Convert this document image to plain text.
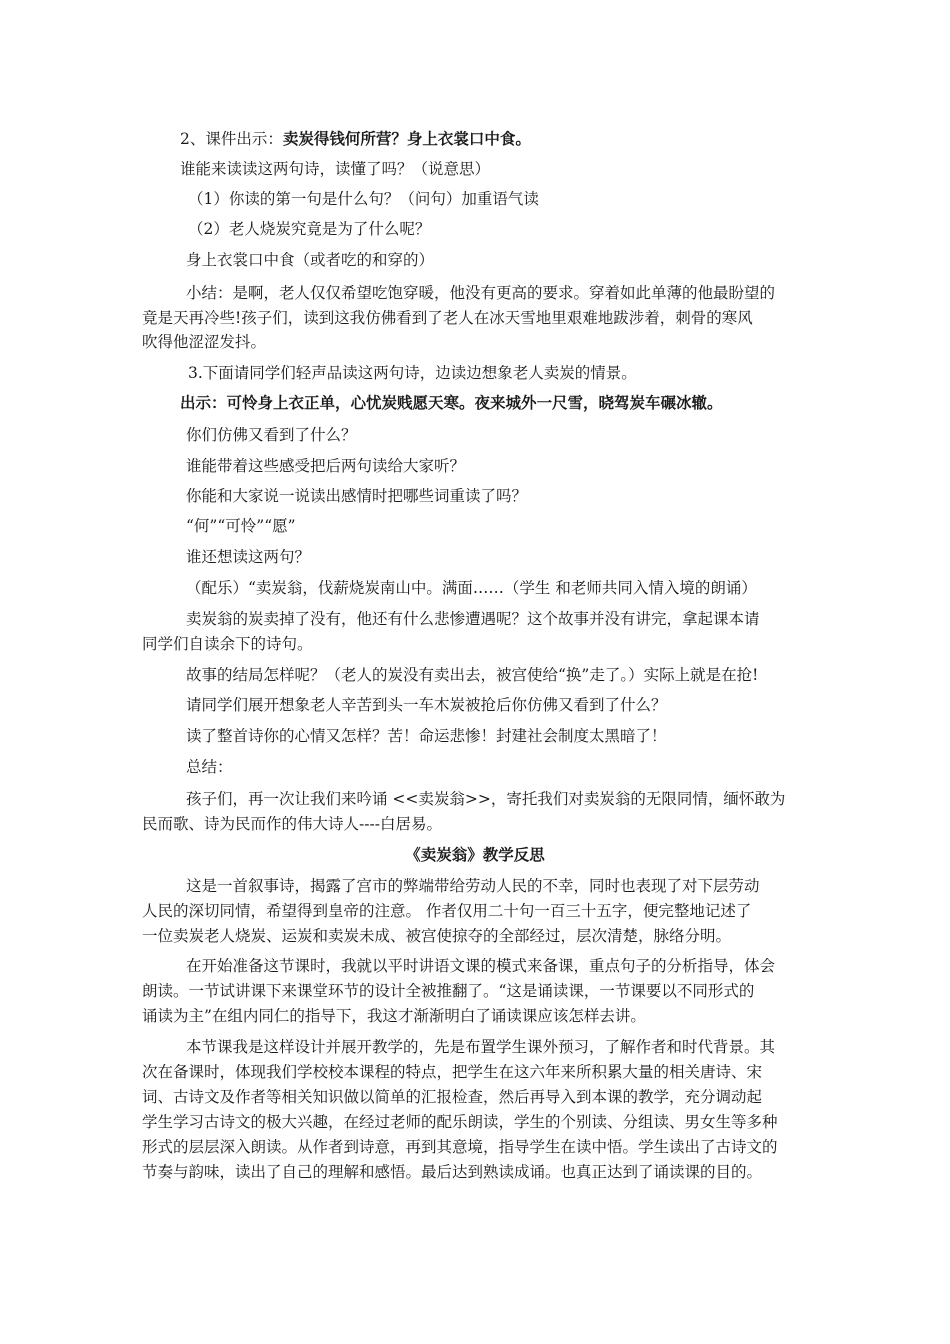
2、课件出示：卖炭得钱何所营？身上衣裳口中食。
谁能来读读这两句诗，读懂了吗？（说意思）
（1）你读的第一句是什么句？（问句）加重语气读
（2）老人烧炭究竟是为了什么呢？
身上衣裳口中食（或者吃的和穿的）
小结：是啊，老人仅仅希望吃饱穿暖，他没有更高的要求。穿着如此单薄的他最盼望的
竟是天再冷些!孩子们，读到这我仿佛看到了老人在冰天雪地里艰难地跋涉着，刺骨的寒风
吹得他涩涩发抖。
3.下面请同学们轻声品读这两句诗，边读边想象老人卖炭的情景。
出示：可怜身上衣正单，心忧炭贱愿天寒。夜来城外一尺雪，晓驾炭车碾冰辙。
你们仿佛又看到了什么？
谁能带着这些感受把后两句读给大家听？
你能和大家说一说读出感情时把哪些词重读了吗？
“何”“可怜”“愿”
谁还想读这两句？
（配乐）“卖炭翁，伐薪烧炭南山中。满面……（学生 和老师共同入情入境的朗诵）
卖炭翁的炭卖掉了没有，他还有什么悲惨遭遇呢？这个故事并没有讲完，拿起课本请
同学们自读余下的诗句。
故事的结局怎样呢？（老人的炭没有卖出去，被宫使给“换”走了。）实际上就是在抢!
请同学们展开想象老人辛苦到头一车木炭被抢后你仿佛又看到了什么？
读了整首诗你的心情又怎样？苦！命运悲惨！封建社会制度太黑暗了！
总结：
孩子们，再一次让我们来吟诵 <<卖炭翁>>，寄托我们对卖炭翁的无限同情，缅怀敢为
民而歌、诗为民而作的伟大诗人----白居易。
《卖炭翁》教学反思
这是一首叙事诗，揭露了宫市的弊端带给劳动人民的不幸，同时也表现了对下层劳动
人民的深切同情，希望得到皇帝的注意。 作者仅用二十句一百三十五字，便完整地记述了
一位卖炭老人烧炭、运炭和卖炭未成、被宫使掠夺的全部经过，层次清楚，脉络分明。
在开始准备这节课时，我就以平时讲语文课的模式来备课，重点句子的分析指导，体会
朗读。一节试讲课下来课堂环节的设计全被推翻了。“这是诵读课，一节课要以不同形式的
诵读为主”在组内同仁的指导下，我这才渐渐明白了诵读课应该怎样去讲。
本节课我是这样设计并展开教学的，先是布置学生课外预习，了解作者和时代背景。其
次在备课时，体现我们学校校本课程的特点，把学生在这六年来所积累大量的相关唐诗、宋
词、古诗文及作者等相关知识做以简单的汇报检查，然后再导入到本课的教学，充分调动起
学生学习古诗文的极大兴趣，在经过老师的配乐朗读，学生的个别读、分组读、男女生等多种
形式的层层深入朗读。从作者到诗意，再到其意境，指导学生在读中悟。学生读出了古诗文的
节奏与韵味，读出了自己的理解和感悟。最后达到熟读成诵。也真正达到了诵读课的目的。
